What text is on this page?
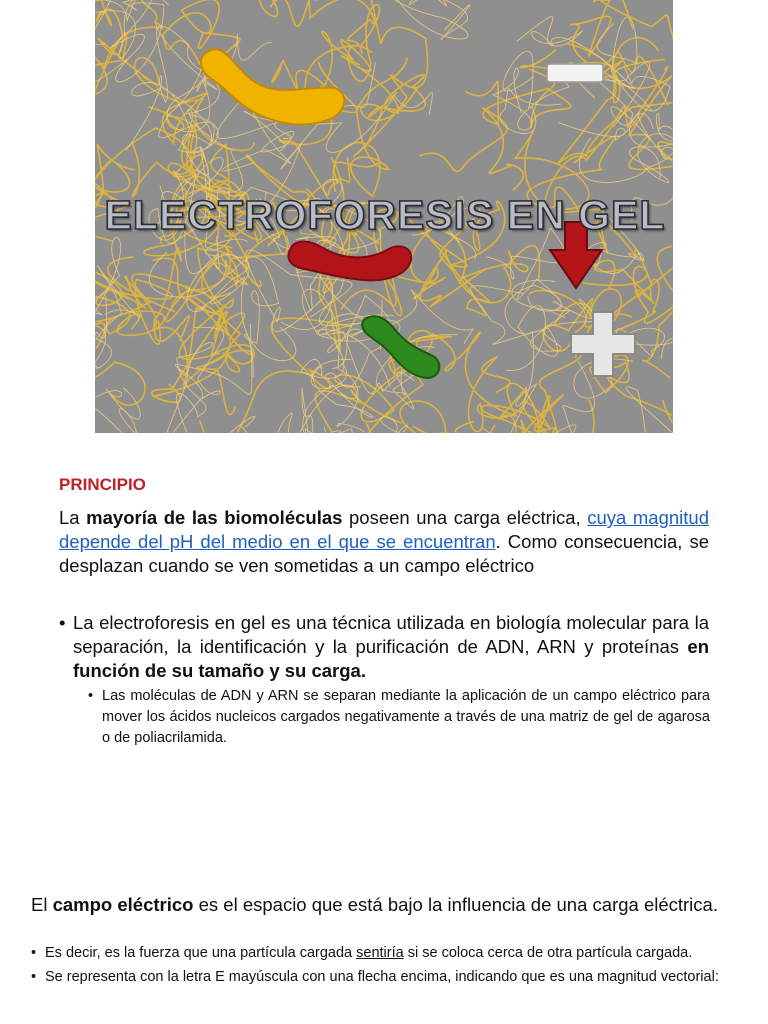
ELECTROFORESIS EN GEL
PRINCIPIO

La mayoría de las biomoléculas poseen una carga eléctrica, cuya magnitud depende del pH del medio en el que se encuentran. Como consecuencia, se desplazan cuando se ven sometidas a un campo eléctrico

• La electroforesis en gel es una técnica utilizada en biología molecular para la separación, la identificación y la purificación de ADN, ARN y proteínas en función de su tamaño y su carga.
• Las moléculas de ADN y ARN se separan mediante la aplicación de un campo eléctrico para mover los ácidos nucleicos cargados negativamente a través de una matriz de gel de agarosa o de poliacrilamida.

El campo eléctrico es el espacio que está bajo la influencia de una carga eléctrica.

• Es decir, es la fuerza que una partícula cargada sentiría si se coloca cerca de otra partícula cargada.
• Se representa con la letra E mayúscula con una flecha encima, indicando que es una magnitud vectorial:
